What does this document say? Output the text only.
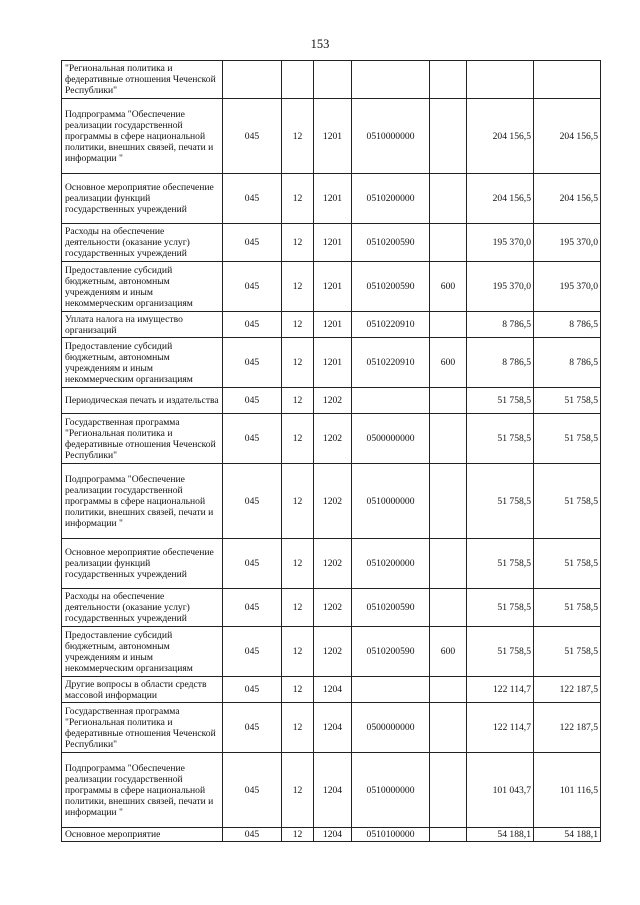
153
"Региональная политика и федеративные отношения Чеченской Республики"							
Подпрограмма "Обеспечение реализации государственной программы в сфере национальной политики, внешних связей, печати и информации "	045	12	1201	0510000000		204 156,5	204 156,5
Основное мероприятие обеспечение реализации функций государственных учреждений	045	12	1201	0510200000		204 156,5	204 156,5
Расходы на обеспечение деятельности (оказание услуг) государственных учреждений	045	12	1201	0510200590		195 370,0	195 370,0
Предоставление субсидий бюджетным, автономным учреждениям и иным некоммерческим организациям	045	12	1201	0510200590	600	195 370,0	195 370,0
Уплата налога на имущество организаций	045	12	1201	0510220910		8 786,5	8 786,5
Предоставление субсидий бюджетным, автономным учреждениям и иным некоммерческим организациям	045	12	1201	0510220910	600	8 786,5	8 786,5
Периодическая печать и издательства	045	12	1202			51 758,5	51 758,5
Государственная программа "Региональная политика и федеративные отношения Чеченской Республики"	045	12	1202	0500000000		51 758,5	51 758,5
Подпрограмма "Обеспечение реализации государственной программы в сфере национальной политики, внешних связей, печати и информации "	045	12	1202	0510000000		51 758,5	51 758,5
Основное мероприятие обеспечение реализации функций государственных учреждений	045	12	1202	0510200000		51 758,5	51 758,5
Расходы на обеспечение деятельности (оказание услуг) государственных учреждений	045	12	1202	0510200590		51 758,5	51 758,5
Предоставление субсидий бюджетным, автономным учреждениям и иным некоммерческим организациям	045	12	1202	0510200590	600	51 758,5	51 758,5
Другие вопросы в области средств массовой информации	045	12	1204			122 114,7	122 187,5
Государственная программа "Региональная политика и федеративные отношения Чеченской Республики"	045	12	1204	0500000000		122 114,7	122 187,5
Подпрограмма "Обеспечение реализации государственной программы в сфере национальной политики, внешних связей, печати и информации "	045	12	1204	0510000000		101 043,7	101 116,5
Основное мероприятие	045	12	1204	0510100000		54 188,1	54 188,1
